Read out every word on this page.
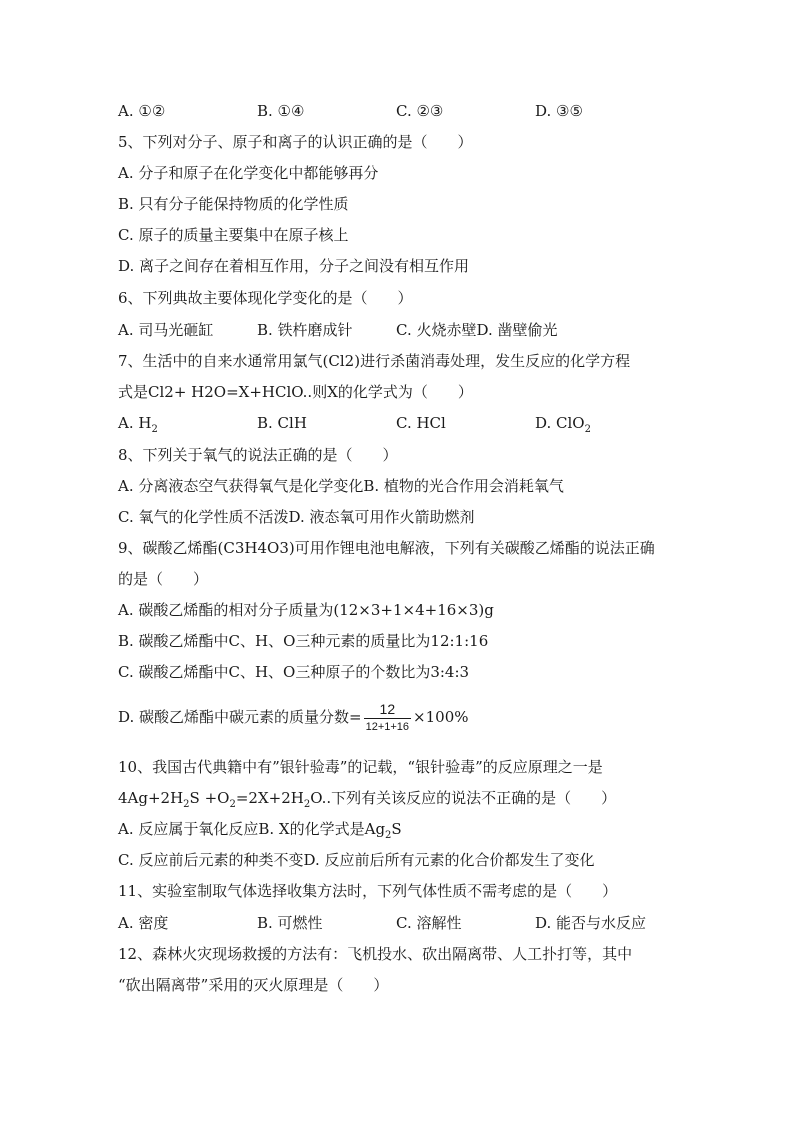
A. ①②	B. ①④	C. ②③	D. ③⑤
5、下列对分子、原子和离子的认识正确的是（　　）
A. 分子和原子在化学变化中都能够再分
B. 只有分子能保持物质的化学性质
C. 原子的质量主要集中在原子核上
D. 离子之间存在着相互作用，分子之间没有相互作用
6、下列典故主要体现化学变化的是（　　）
A. 司马光砸缸	B. 铁杵磨成针	C. 火烧赤壁D. 凿壁偷光
7、生活中的自来水通常用氯气(Cl2)进行杀菌消毒处理，发生反应的化学方程
式是Cl2+ H2O=X+HClO..则X的化学式为（　　）
A. $H_2$	B. ClH	C. HCl	D. ClO$_2$
8、下列关于氧气的说法正确的是（　　）
A. 分离液态空气获得氧气是化学变化B. 植物的光合作用会消耗氧气
C. 氧气的化学性质不活泼D. 液态氧可用作火箭助燃剂
9、碳酸乙烯酯(C3H4O3)可用作锂电池电解液，下列有关碳酸乙烯酯的说法正确
的是（　　）
A. 碳酸乙烯酯的相对分子质量为(12×3+1×4+16×3)g
B. 碳酸乙烯酯中C、H、O三种元素的质量比为12:1:16
C. 碳酸乙烯酯中C、H、O三种原子的个数比为3:4:3
D. 碳酸乙烯酯中碳元素的质量分数= $\frac{12}{12+1+16} \times 100\%$
10、我国古代典籍中有”银针验毒”的记载，“银针验毒”的反应原理之一是
$4Ag+2H_2S +O_2=2X+2H_2O$..下列有关该反应的说法不正确的是（　　）
A. 反应属于氧化反应B. X的化学式是$Ag_2S$
C. 反应前后元素的种类不变D. 反应前后所有元素的化合价都发生了变化
11、实验室制取气体选择收集方法时，下列气体性质不需考虑的是（　　）
A. 密度	B. 可燃性	C. 溶解性	D. 能否与水反应
12、森林火灾现场救援的方法有：飞机投水、砍出隔离带、人工扑打等，其中
“砍出隔离带”采用的灭火原理是（　　）
